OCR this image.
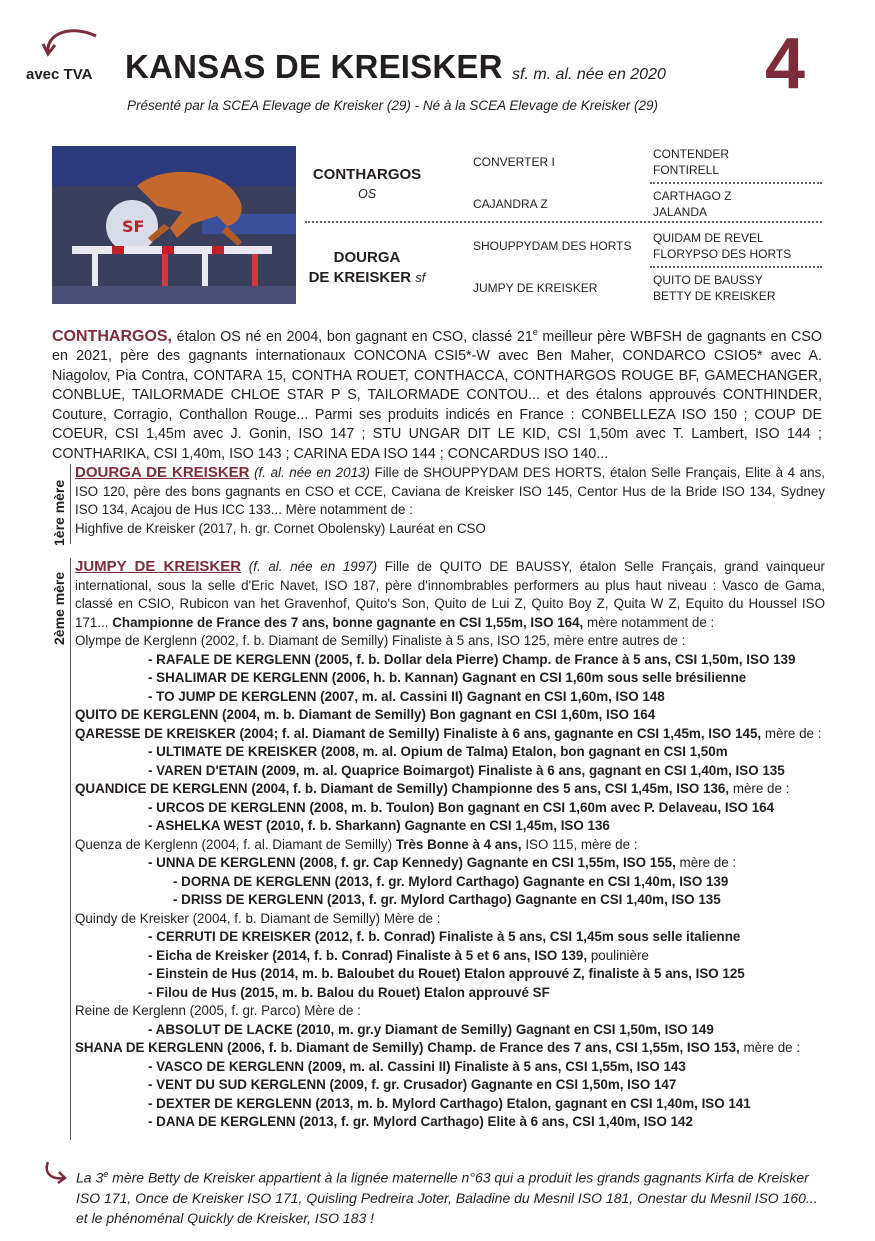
avec TVA KANSAS DE KREISKER sf. m. al. née en 2020 4
Présenté par la SCEA Elevage de Kreisker (29) - Né à la SCEA Elevage de Kreisker (29)
SF
CONTHARGOS
OS
DOURGA
DE KREISKER sf
CONVERTER I
CAJANDRA Z
SHOUPPYDAM DES HORTS
JUMPY DE KREISKER
CONTENDER
FONTIRELL
CARTHAGO Z
JALANDA
QUIDAM DE REVEL
FLORYPSO DES HORTS
QUITO DE BAUSSY
BETTY DE KREISKER
CONTHARGOS, étalon OS né en 2004, bon gagnant en CSO, classé 21e meilleur père WBFSH de gagnants en CSO en 2021, père des gagnants internationaux CONCONA CSI5*-W avec Ben Maher, CONDARCO CSIO5* avec A. Niagolov, Pia Contra, CONTARA 15, CONTHA ROUET, CONTHACCA, CONTHARGOS ROUGE BF, GAMECHANGER, CONBLUE, TAILORMADE CHLOE STAR P S, TAILORMADE CONTOU... et des étalons approuvés CONTHINDER, Couture, Corragio, Conthallon Rouge... Parmi ses produits indicés en France : CONBELLEZA ISO 150 ; COUP DE COEUR, CSI 1,45m avec J. Gonin, ISO 147 ; STU UNGAR DIT LE KID, CSI 1,50m avec T. Lambert, ISO 144 ; CONTHARIKA, CSI 1,40m, ISO 143 ; CARINA EDA ISO 144 ; CONCARDUS ISO 140...
1ère mère
DOURGA DE KREISKER (f. al. née en 2013) Fille de SHOUPPYDAM DES HORTS, étalon Selle Français, Elite à 4 ans, ISO 120, père des bons gagnants en CSO et CCE, Caviana de Kreisker ISO 145, Centor Hus de la Bride ISO 134, Sydney ISO 134, Acajou de Hus ICC 133... Mère notamment de :
Highfive de Kreisker (2017, h. gr. Cornet Obolensky) Lauréat en CSO
2ème mère
JUMPY DE KREISKER (f. al. née en 1997) Fille de QUITO DE BAUSSY, étalon Selle Français, grand vainqueur international, sous la selle d'Eric Navet, ISO 187, père d'innombrables performers au plus haut niveau : Vasco de Gama, classé en CSIO, Rubicon van het Gravenhof, Quito's Son, Quito de Lui Z, Quito Boy Z, Quita W Z, Equito du Houssel ISO 171... Championne de France des 7 ans, bonne gagnante en CSI 1,55m, ISO 164, mère notamment de :
Olympe de Kerglenn (2002, f. b. Diamant de Semilly) Finaliste à 5 ans, ISO 125, mère entre autres de :
- RAFALE DE KERGLENN (2005, f. b. Dollar dela Pierre) Champ. de France à 5 ans, CSI 1,50m, ISO 139
- SHALIMAR DE KERGLENN (2006, h. b. Kannan) Gagnant en CSI 1,60m sous selle brésilienne
- TO JUMP DE KERGLENN (2007, m. al. Cassini II) Gagnant en CSI 1,60m, ISO 148
QUITO DE KERGLENN (2004, m. b. Diamant de Semilly) Bon gagnant en CSI 1,60m, ISO 164
QARESSE DE KREISKER (2004; f. al. Diamant de Semilly) Finaliste à 6 ans, gagnante en CSI 1,45m, ISO 145, mère de :
- ULTIMATE DE KREISKER (2008, m. al. Opium de Talma) Etalon, bon gagnant en CSI 1,50m
- VAREN D'ETAIN (2009, m. al. Quaprice Boimargot) Finaliste à 6 ans, gagnant en CSI 1,40m, ISO 135
QUANDICE DE KERGLENN (2004, f. b. Diamant de Semilly) Championne des 5 ans, CSI 1,45m, ISO 136, mère de :
- URCOS DE KERGLENN (2008, m. b. Toulon) Bon gagnant en CSI 1,60m avec P. Delaveau, ISO 164
- ASHELKA WEST (2010, f. b. Sharkann) Gagnante en CSI 1,45m, ISO 136
Quenza de Kerglenn (2004, f. al. Diamant de Semilly) Très Bonne à 4 ans, ISO 115, mère de :
- UNNA DE KERGLENN (2008, f. gr. Cap Kennedy) Gagnante en CSI 1,55m, ISO 155, mère de :
- DORNA DE KERGLENN (2013, f. gr. Mylord Carthago) Gagnante en CSI 1,40m, ISO 139
- DRISS DE KERGLENN (2013, f. gr. Mylord Carthago) Gagnante en CSI 1,40m, ISO 135
Quindy de Kreisker (2004, f. b. Diamant de Semilly) Mère de :
- CERRUTI DE KREISKER (2012, f. b. Conrad) Finaliste à 5 ans, CSI 1,45m sous selle italienne
- Eicha de Kreisker (2014, f. b. Conrad) Finaliste à 5 et 6 ans, ISO 139, poulinière
- Einstein de Hus (2014, m. b. Baloubet du Rouet) Etalon approuvé Z, finaliste à 5 ans, ISO 125
- Filou de Hus (2015, m. b. Balou du Rouet) Etalon approuvé SF
Reine de Kerglenn (2005, f. gr. Parco) Mère de :
- ABSOLUT DE LACKE (2010, m. gr.y Diamant de Semilly) Gagnant en CSI 1,50m, ISO 149
SHANA DE KERGLENN (2006, f. b. Diamant de Semilly) Champ. de France des 7 ans, CSI 1,55m, ISO 153, mère de :
- VASCO DE KERGLENN (2009, m. al. Cassini II) Finaliste à 5 ans, CSI 1,55m, ISO 143
- VENT DU SUD KERGLENN (2009, f. gr. Crusador) Gagnante en CSI 1,50m, ISO 147
- DEXTER DE KERGLENN (2013, m. b. Mylord Carthago) Etalon, gagnant en CSI 1,40m, ISO 141
- DANA DE KERGLENN (2013, f. gr. Mylord Carthago) Elite à 6 ans, CSI 1,40m, ISO 142
La 3e mère Betty de Kreisker appartient à la lignée maternelle n°63 qui a produit les grands gagnants Kirfa de Kreisker ISO 171, Once de Kreisker ISO 171, Quisling Pedreira Joter, Baladine du Mesnil ISO 181, Onestar du Mesnil ISO 160... et le phénoménal Quickly de Kreisker, ISO 183 !
